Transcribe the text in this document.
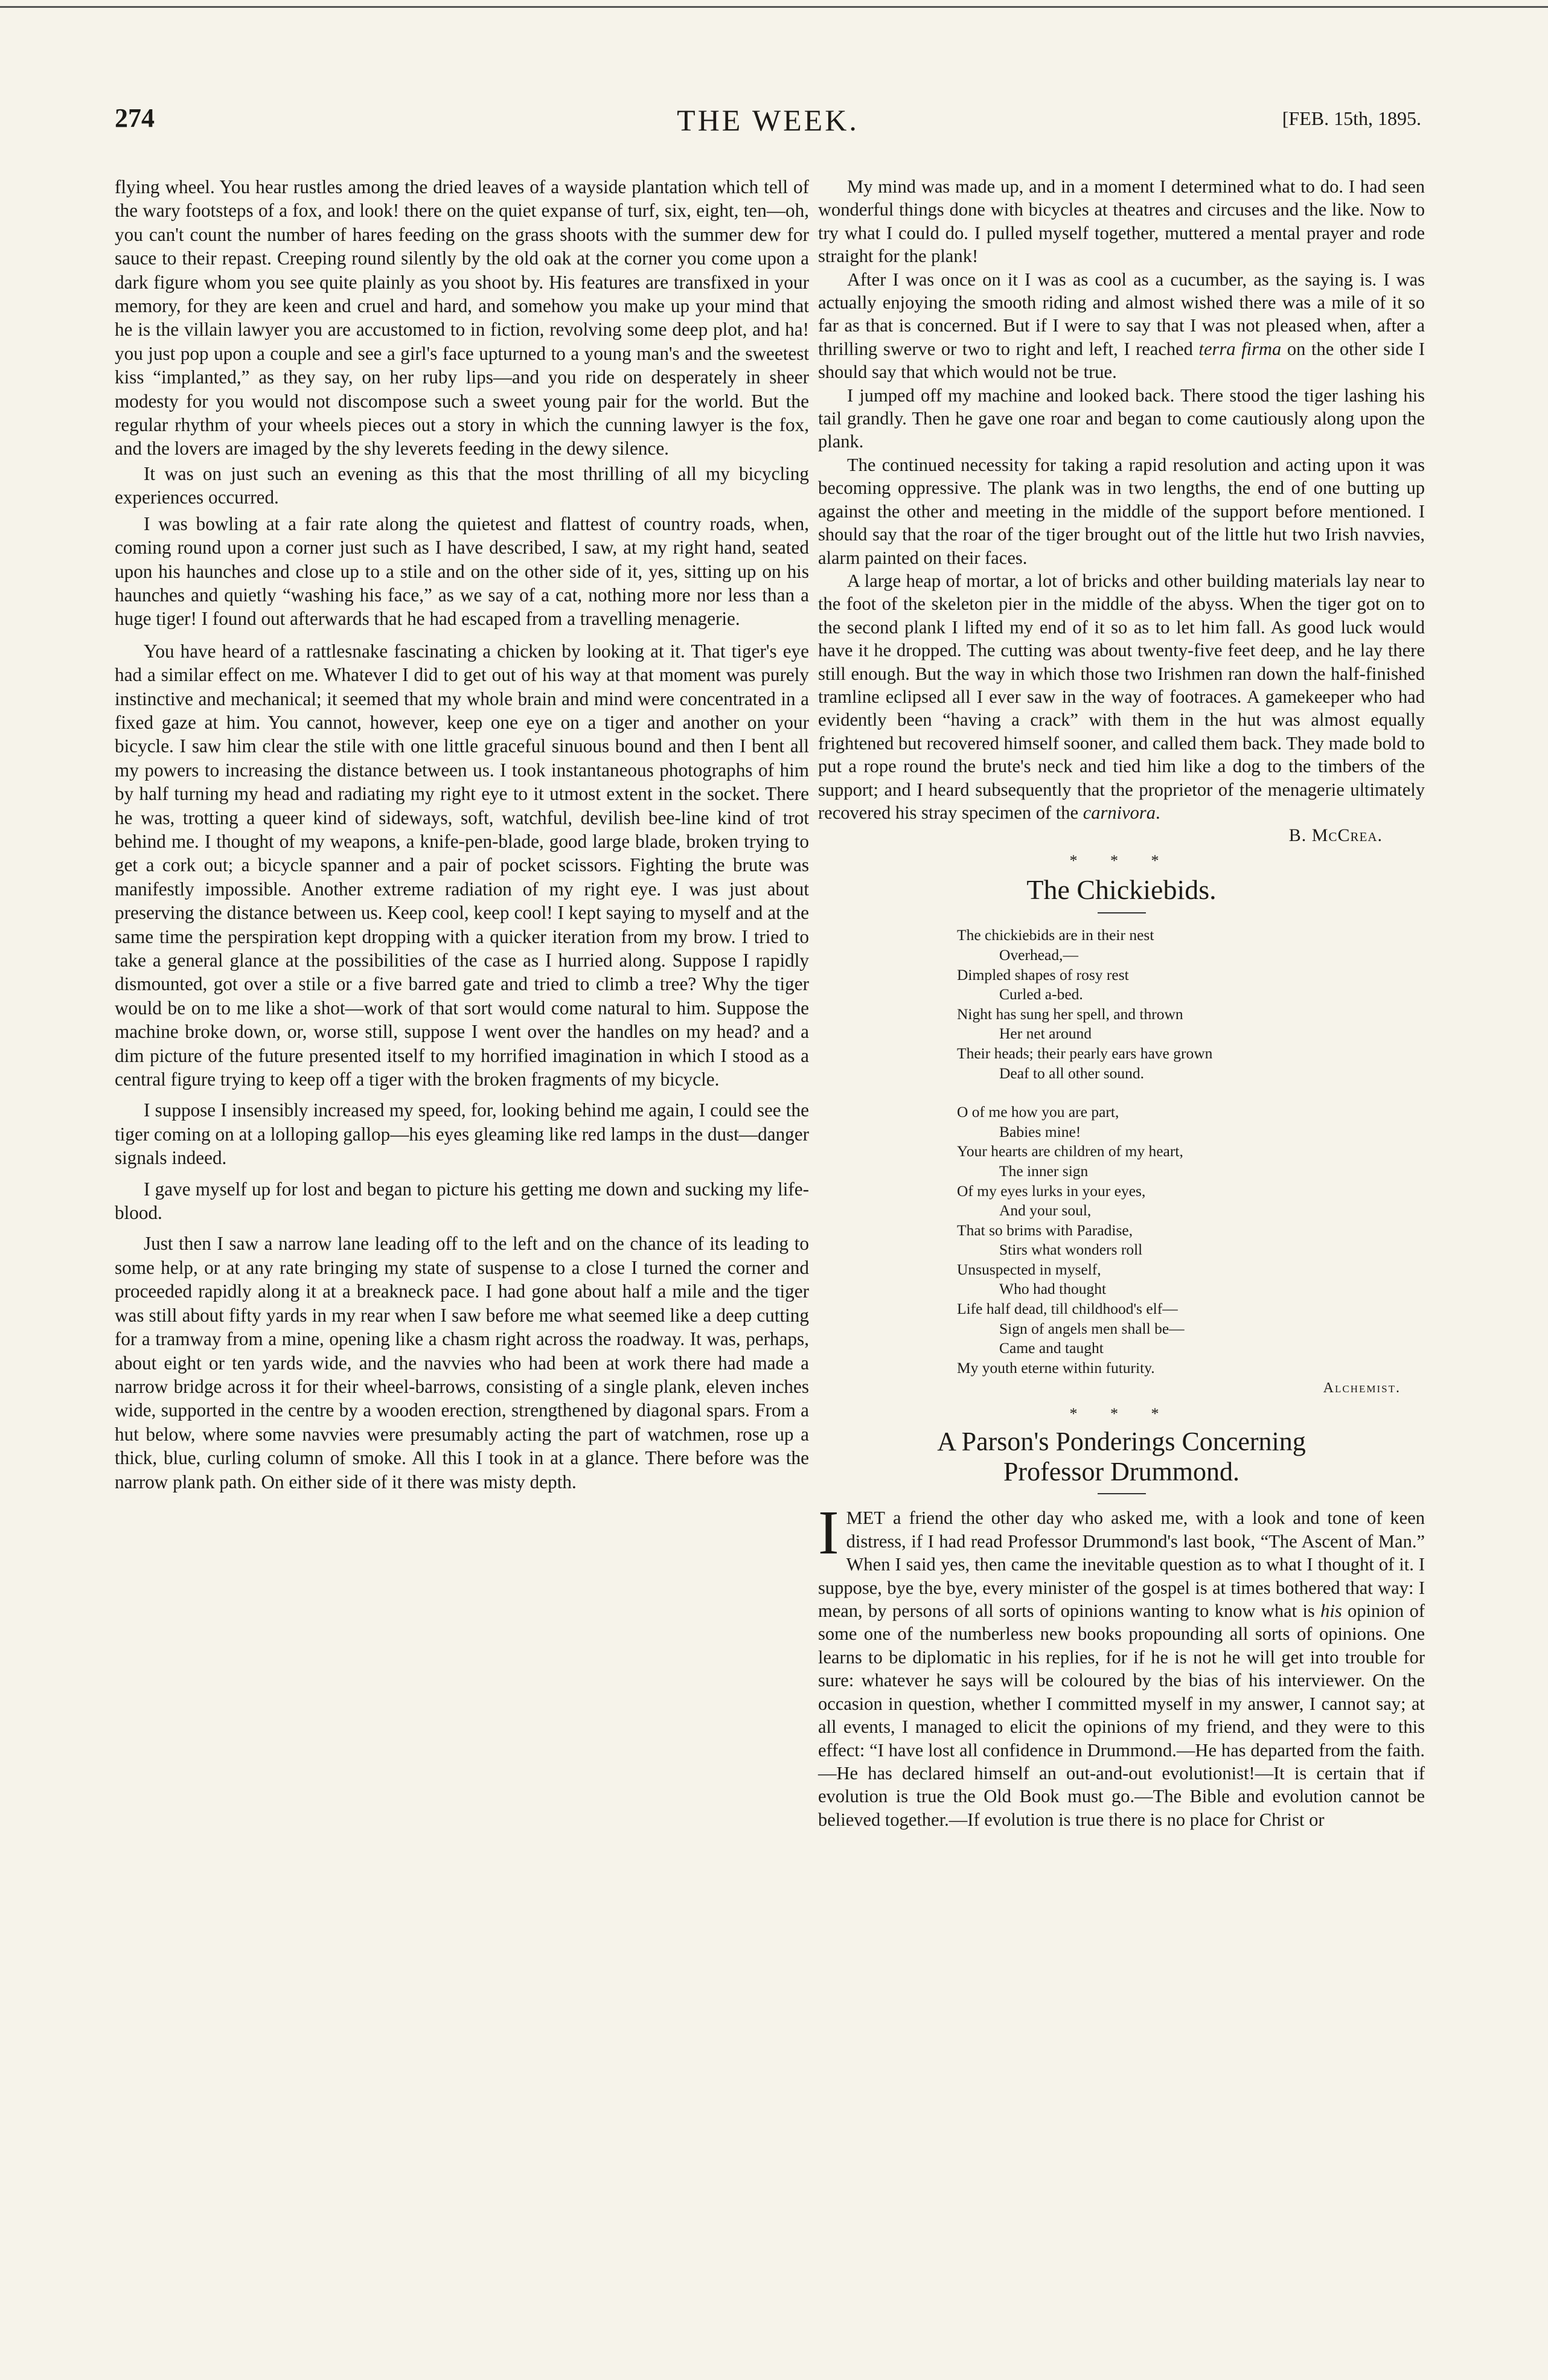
274	THE WEEK.	[FEB. 15th, 1895.

flying wheel. You hear rustles among the dried leaves of a wayside plantation which tell of the wary footsteps of a fox, and look! there on the quiet expanse of turf, six, eight, ten—oh, you can't count the number of hares feeding on the grass shoots with the summer dew for sauce to their repast. Creeping round silently by the old oak at the corner you come upon a dark figure whom you see quite plainly as you shoot by. His features are transfixed in your memory, for they are keen and cruel and hard, and somehow you make up your mind that he is the villain lawyer you are accustomed to in fiction, revolving some deep plot, and ha! you just pop upon a couple and see a girl's face upturned to a young man's and the sweetest kiss “implanted,” as they say, on her ruby lips—and you ride on desperately in sheer modesty for you would not discompose such a sweet young pair for the world. But the regular rhythm of your wheels pieces out a story in which the cunning lawyer is the fox, and the lovers are imaged by the shy leverets feeding in the dewy silence.

It was on just such an evening as this that the most thrilling of all my bicycling experiences occurred.

I was bowling at a fair rate along the quietest and flattest of country roads, when, coming round upon a corner just such as I have described, I saw, at my right hand, seated upon his haunches and close up to a stile and on the other side of it, yes, sitting up on his haunches and quietly “washing his face,” as we say of a cat, nothing more nor less than a huge tiger! I found out afterwards that he had escaped from a travelling menagerie.

You have heard of a rattlesnake fascinating a chicken by looking at it. That tiger's eye had a similar effect on me. Whatever I did to get out of his way at that moment was purely instinctive and mechanical; it seemed that my whole brain and mind were concentrated in a fixed gaze at him. You cannot, however, keep one eye on a tiger and another on your bicycle. I saw him clear the stile with one little graceful sinuous bound and then I bent all my powers to increasing the distance between us. I took instantaneous photographs of him by half turning my head and radiating my right eye to it utmost extent in the socket. There he was, trotting a queer kind of sideways, soft, watchful, devilish bee-line kind of trot behind me. I thought of my weapons, a knife-pen-blade, good large blade, broken trying to get a cork out; a bicycle spanner and a pair of pocket scissors. Fighting the brute was manifestly impossible. Another extreme radiation of my right eye. I was just about preserving the distance between us. Keep cool, keep cool! I kept saying to myself and at the same time the perspiration kept dropping with a quicker iteration from my brow. I tried to take a general glance at the possibilities of the case as I hurried along. Suppose I rapidly dismounted, got over a stile or a five barred gate and tried to climb a tree? Why the tiger would be on to me like a shot—work of that sort would come natural to him. Suppose the machine broke down, or, worse still, suppose I went over the handles on my head? and a dim picture of the future presented itself to my horrified imagination in which I stood as a central figure trying to keep off a tiger with the broken fragments of my bicycle.

I suppose I insensibly increased my speed, for, looking behind me again, I could see the tiger coming on at a lolloping gallop—his eyes gleaming like red lamps in the dust—danger signals indeed.

I gave myself up for lost and began to picture his getting me down and sucking my life-blood.

Just then I saw a narrow lane leading off to the left and on the chance of its leading to some help, or at any rate bringing my state of suspense to a close I turned the corner and proceeded rapidly along it at a breakneck pace. I had gone about half a mile and the tiger was still about fifty yards in my rear when I saw before me what seemed like a deep cutting for a tramway from a mine, opening like a chasm right across the roadway. It was, perhaps, about eight or ten yards wide, and the navvies who had been at work there had made a narrow bridge across it for their wheel-barrows, consisting of a single plank, eleven inches wide, supported in the centre by a wooden erection, strengthened by diagonal spars. From a hut below, where some navvies were presumably acting the part of watchmen, rose up a thick, blue, curling column of smoke. All this I took in at a glance. There before was the narrow plank path. On either side of it there was misty depth.

My mind was made up, and in a moment I determined what to do. I had seen wonderful things done with bicycles at theatres and circuses and the like. Now to try what I could do. I pulled myself together, muttered a mental prayer and rode straight for the plank!

After I was once on it I was as cool as a cucumber, as the saying is. I was actually enjoying the smooth riding and almost wished there was a mile of it so far as that is concerned. But if I were to say that I was not pleased when, after a thrilling swerve or two to right and left, I reached terra firma on the other side I should say that which would not be true.

I jumped off my machine and looked back. There stood the tiger lashing his tail grandly. Then he gave one roar and began to come cautiously along upon the plank.

The continued necessity for taking a rapid resolution and acting upon it was becoming oppressive. The plank was in two lengths, the end of one butting up against the other and meeting in the middle of the support before mentioned. I should say that the roar of the tiger brought out of the little hut two Irish navvies, alarm painted on their faces.

A large heap of mortar, a lot of bricks and other building materials lay near to the foot of the skeleton pier in the middle of the abyss. When the tiger got on to the second plank I lifted my end of it so as to let him fall. As good luck would have it he dropped. The cutting was about twenty-five feet deep, and he lay there still enough. But the way in which those two Irishmen ran down the half-finished tramline eclipsed all I ever saw in the way of footraces. A gamekeeper who had evidently been “having a crack” with them in the hut was almost equally frightened but recovered himself sooner, and called them back. They made bold to put a rope round the brute's neck and tied him like a dog to the timbers of the support; and I heard subsequently that the proprietor of the menagerie ultimately recovered his stray specimen of the carnivora.

B. McCrea.
* * *
The Chickiebids.
The chickiebids are in their nest
Overhead,—
Dimpled shapes of rosy rest
Curled a-bed.
Night has sung her spell, and thrown
Her net around
Their heads; their pearly ears have grown
Deaf to all other sound.
O of me how you are part,
Babies mine!
Your hearts are children of my heart,
The inner sign
Of my eyes lurks in your eyes,
And your soul,
That so brims with Paradise,
Stirs what wonders roll
Unsuspected in myself,
Who had thought
Life half dead, till childhood's elf—
Sign of angels men shall be—
Came and taught
My youth eterne within futurity.
Alchemist.
* * *
A Parson's Ponderings Concerning
Professor Drummond.

IMET a friend the other day who asked me, with a look and tone of keen distress, if I had read Professor Drummond's last book, “The Ascent of Man.” When I said yes, then came the inevitable question as to what I thought of it. I suppose, bye the bye, every minister of the gospel is at times bothered that way: I mean, by persons of all sorts of opinions wanting to know what is his opinion of some one of the numberless new books propounding all sorts of opinions. One learns to be diplomatic in his replies, for if he is not he will get into trouble for sure: whatever he says will be coloured by the bias of his interviewer. On the occasion in question, whether I committed myself in my answer, I cannot say; at all events, I managed to elicit the opinions of my friend, and they were to this effect: “I have lost all confidence in Drummond.—He has departed from the faith.—He has declared himself an out-and-out evolutionist!—It is certain that if evolution is true the Old Book must go.—The Bible and evolution cannot be believed together.—If evolution is true there is no place for Christ or
